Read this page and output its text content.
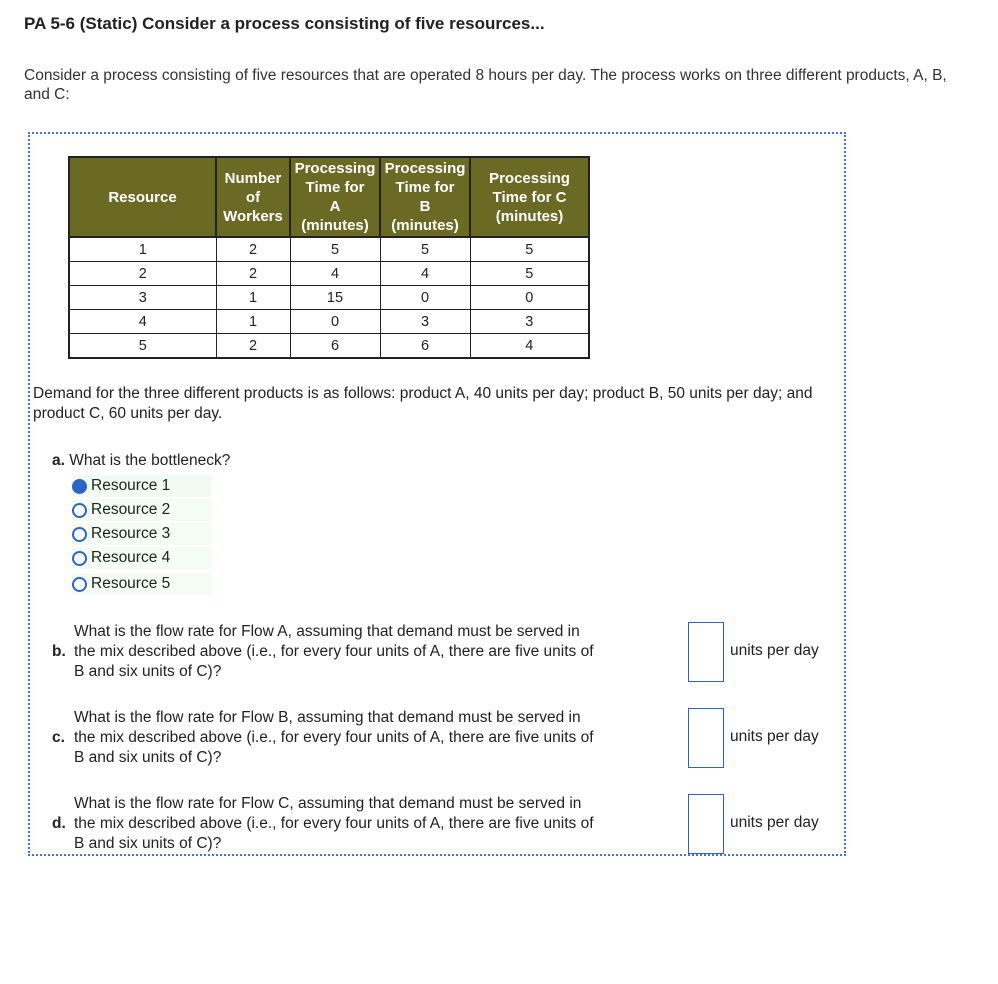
PA 5-6 (Static) Consider a process consisting of five resources...
Consider a process consisting of five resources that are operated 8 hours per day. The process works on three different products, A, B, and C:
Resource	Number
of
Workers	Processing
Time for
A
(minutes)	Processing
Time for
B
(minutes)	Processing
Time for C
(minutes)
1	2	5	5	5
2	2	4	4	5
3	1	15	0	0
4	1	0	3	3
5	2	6	6	4
Demand for the three different products is as follows: product A, 40 units per day; product B, 50 units per day; and product C, 60 units per day.
a. What is the bottleneck?
Resource 1
Resource 2
Resource 3
Resource 4
Resource 5
b.
What is the flow rate for Flow A, assuming that demand must be served in
the mix described above (i.e., for every four units of A, there are five units of
B and six units of C)?
units per day
c.
What is the flow rate for Flow B, assuming that demand must be served in
the mix described above (i.e., for every four units of A, there are five units of
B and six units of C)?
units per day
d.
What is the flow rate for Flow C, assuming that demand must be served in
the mix described above (i.e., for every four units of A, there are five units of
B and six units of C)?
units per day
